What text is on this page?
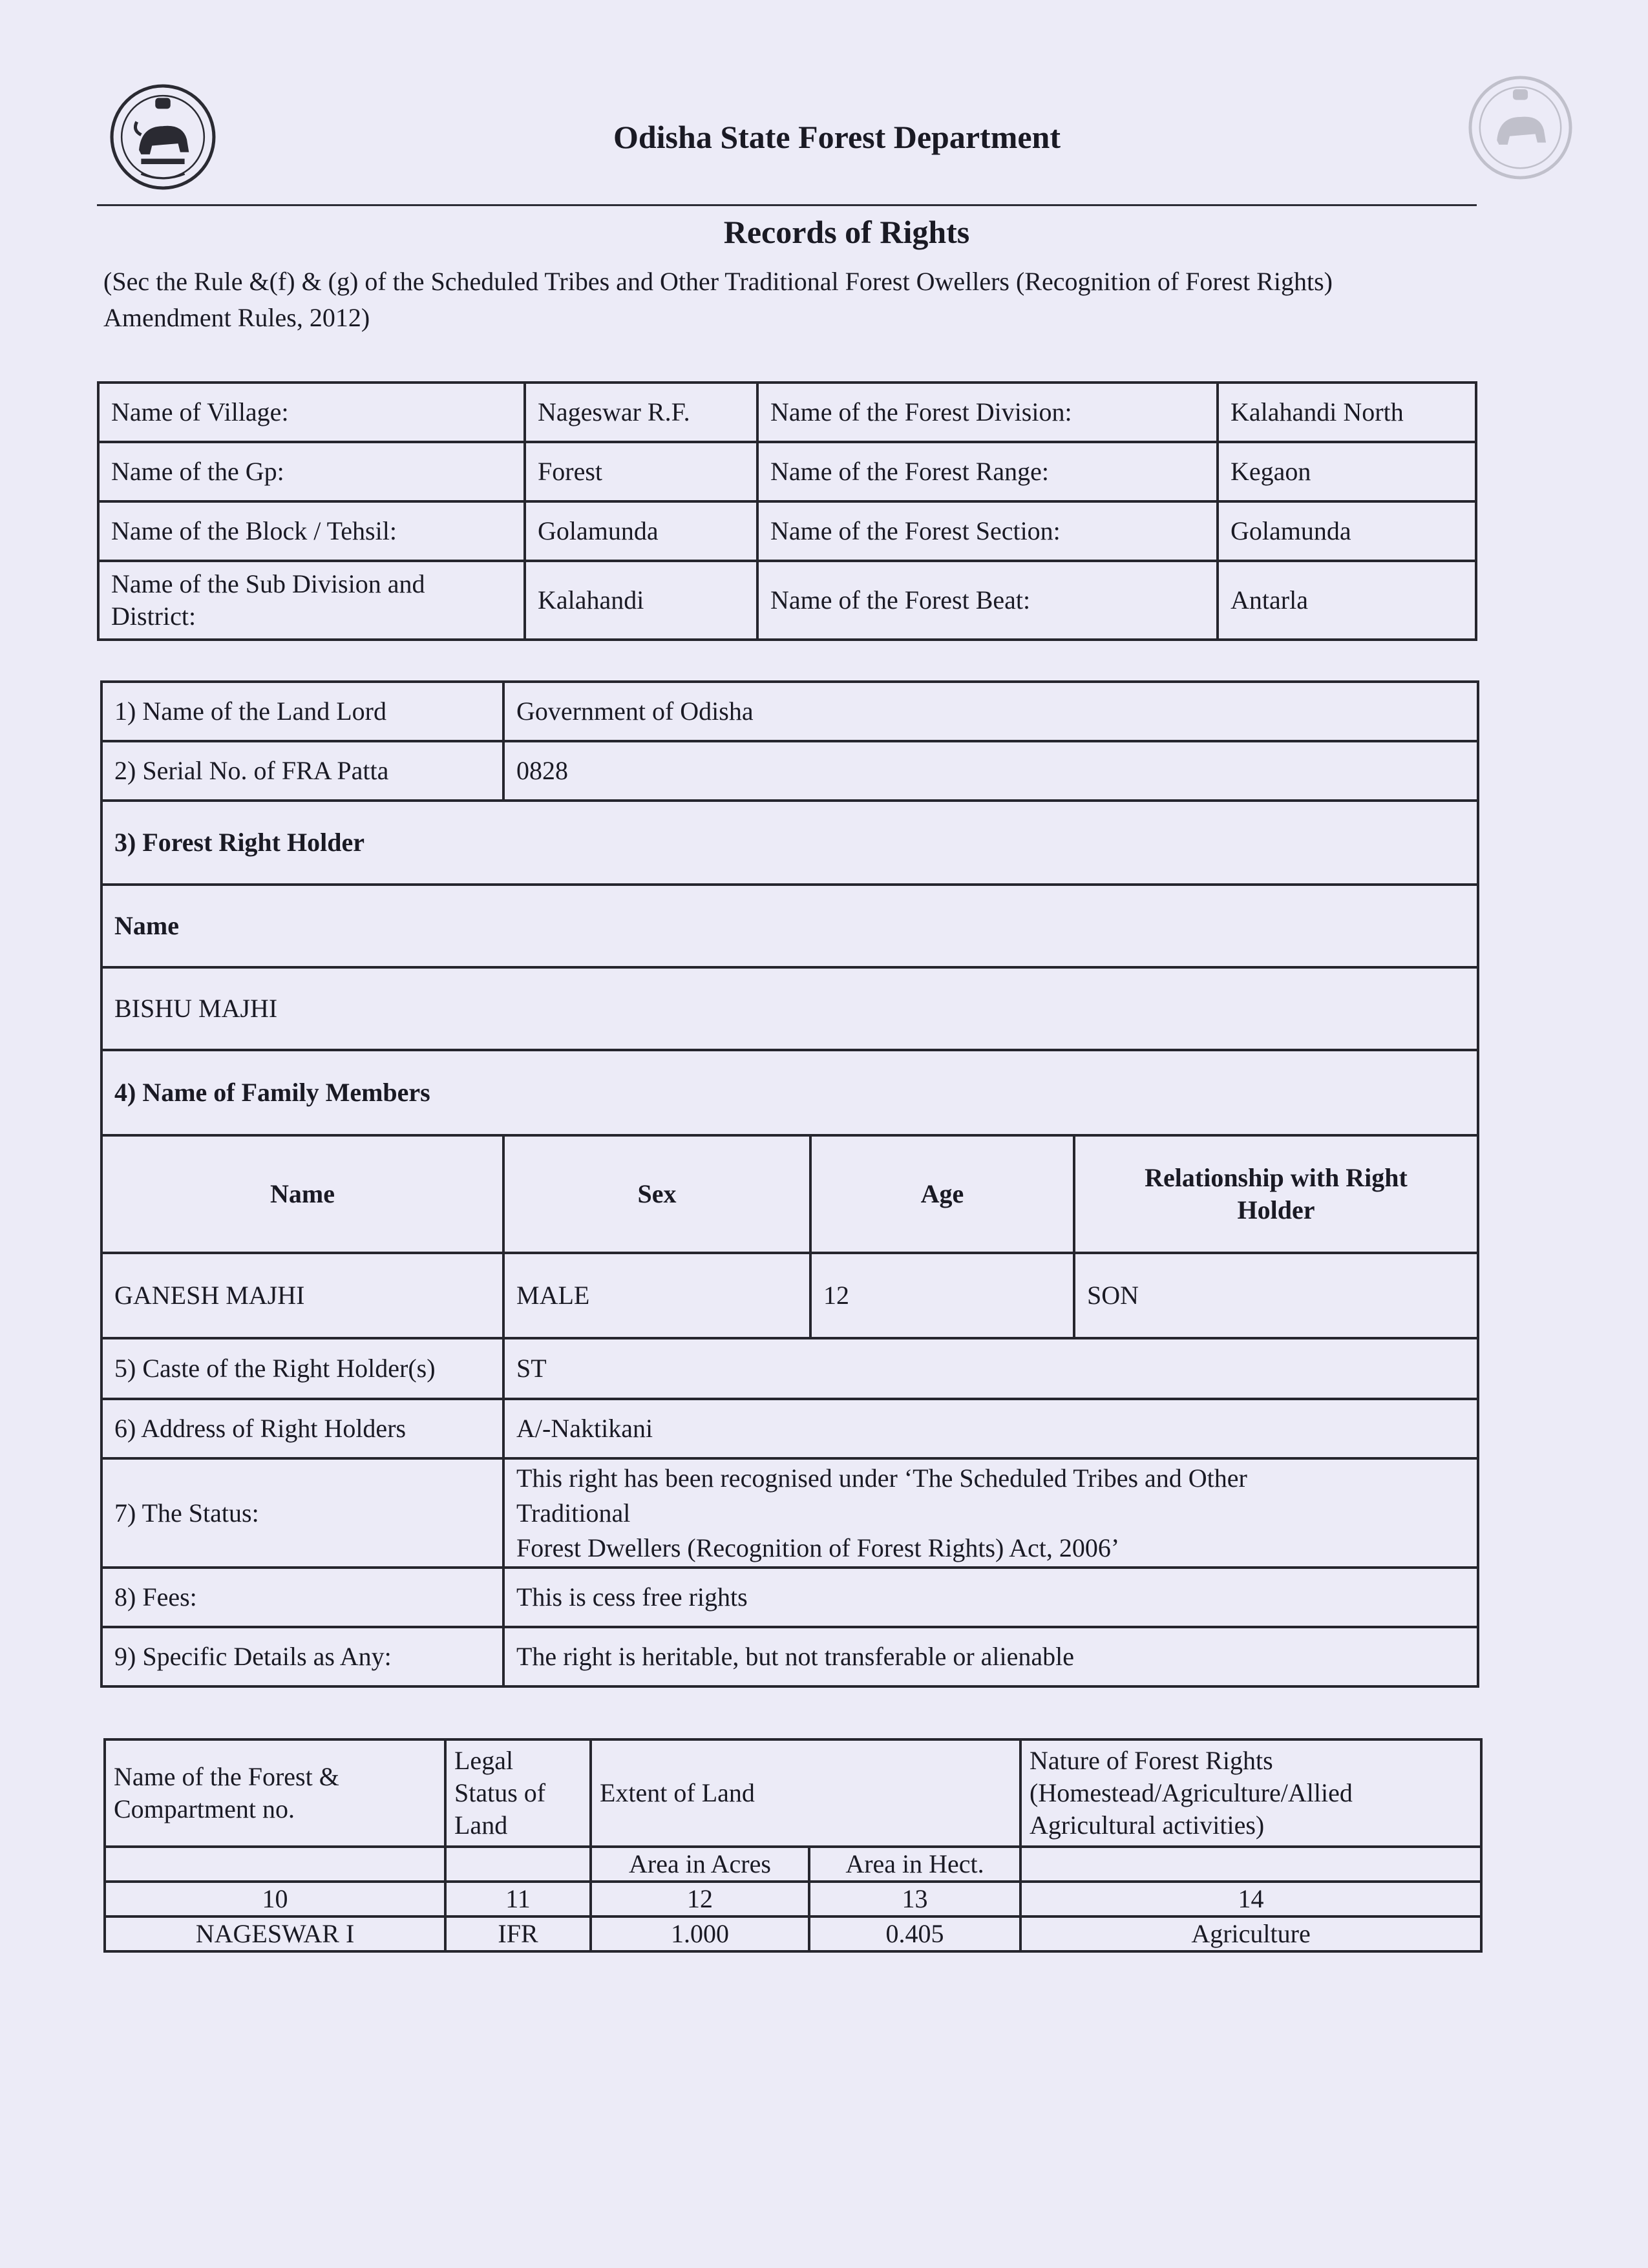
Odisha State Forest Department
Records of Rights
(Sec the Rule &(f) & (g) of the Scheduled Tribes and Other Traditional Forest Owellers (Recognition of Forest Rights) Amendment Rules, 2012)
Name of Village:	Nageswar R.F.	Name of the Forest Division:	Kalahandi North
Name of the Gp:	Forest	Name of the Forest Range:	Kegaon
Name of the Block / Tehsil:	Golamunda	Name of the Forest Section:	Golamunda
Name of the Sub Division and District:	Kalahandi	Name of the Forest Beat:	Antarla
1) Name of the Land Lord	Government of Odisha		
2) Serial No. of FRA Patta	0828		
3) Forest Right Holder			
Name			
BISHU MAJHI			
4) Name of Family Members			
Name	Sex	Age	Relationship with Right Holder
GANESH MAJHI	MALE	12	SON
5) Caste of the Right Holder(s)	ST		
6) Address of Right Holders	A/-Naktikani		
7) The Status:	This right has been recognised under ‘The Scheduled Tribes and Other
Traditional
Forest Dwellers (Recognition of Forest Rights) Act, 2006’		

8) Fees:	This is cess free rights		
9) Specific Details as Any:	The right is heritable, but not transferable or alienable		
Name of the Forest & Compartment no.	Legal Status of Land	Extent of Land		Nature of Forest Rights (Homestead/Agriculture/Allied Agricultural activities)
		Area in Acres	Area in Hect.	
10	11	12	13	14
NAGESWAR I	IFR	1.000	0.405	Agriculture
